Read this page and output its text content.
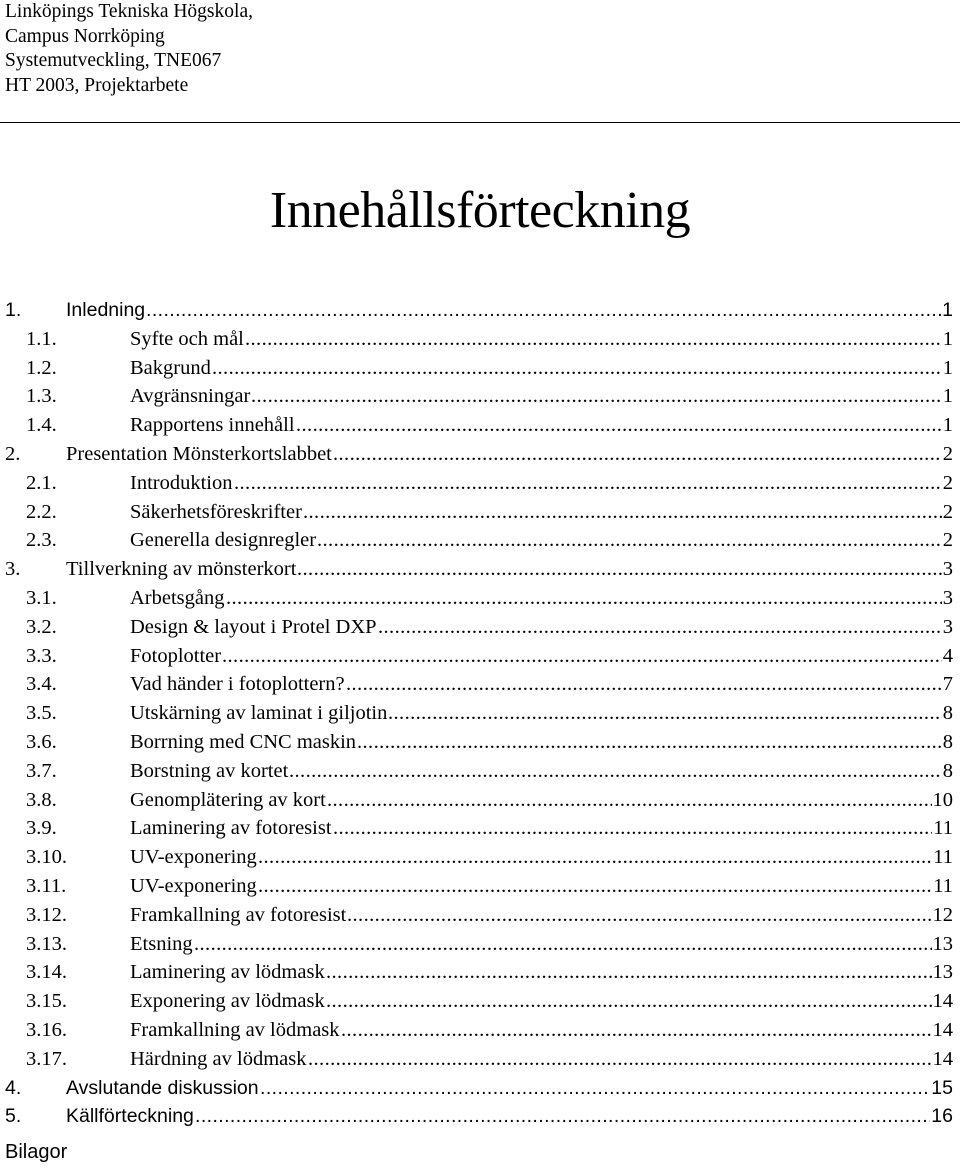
Linköpings Tekniska Högskola,
Campus Norrköping
Systemutveckling, TNE067
HT 2003, Projektarbete
Innehållsförteckning
1. Inledning .....	1
1.1.	Syfte och mål .....	1
1.2.	Bakgrund .....	1
1.3.	Avgränsningar .....	1
1.4.	Rapportens innehåll .....	1
2. Presentation Mönsterkortslabbet .....	2
2.1.	Introduktion .....	2
2.2.	Säkerhetsföreskrifter .....	2
2.3.	Generella designregler .....	2
3. Tillverkning av mönsterkort .....	3
3.1.	Arbetsgång .....	3
3.2.	Design & layout i Protel DXP .....	3
3.3.	Fotoplotter .....	4
3.4.	Vad händer i fotoplottern? .....	7
3.5.	Utskärning av laminat i giljotin .....	8
3.6.	Borrning med CNC maskin .....	8
3.7.	Borstning av kortet .....	8
3.8.	Genomplätering av kort .....	10
3.9.	Laminering av fotoresist .....	11
3.10.	UV-exponering .....	11
3.11.	UV-exponering .....	11
3.12.	Framkallning av fotoresist .....	12
3.13.	Etsning .....	13
3.14.	Laminering av lödmask .....	13
3.15.	Exponering av lödmask .....	14
3.16.	Framkallning av lödmask .....	14
3.17.	Härdning av lödmask .....	14
4. Avslutande diskussion .....	15
5. Källförteckning .....	16
Bilagor
